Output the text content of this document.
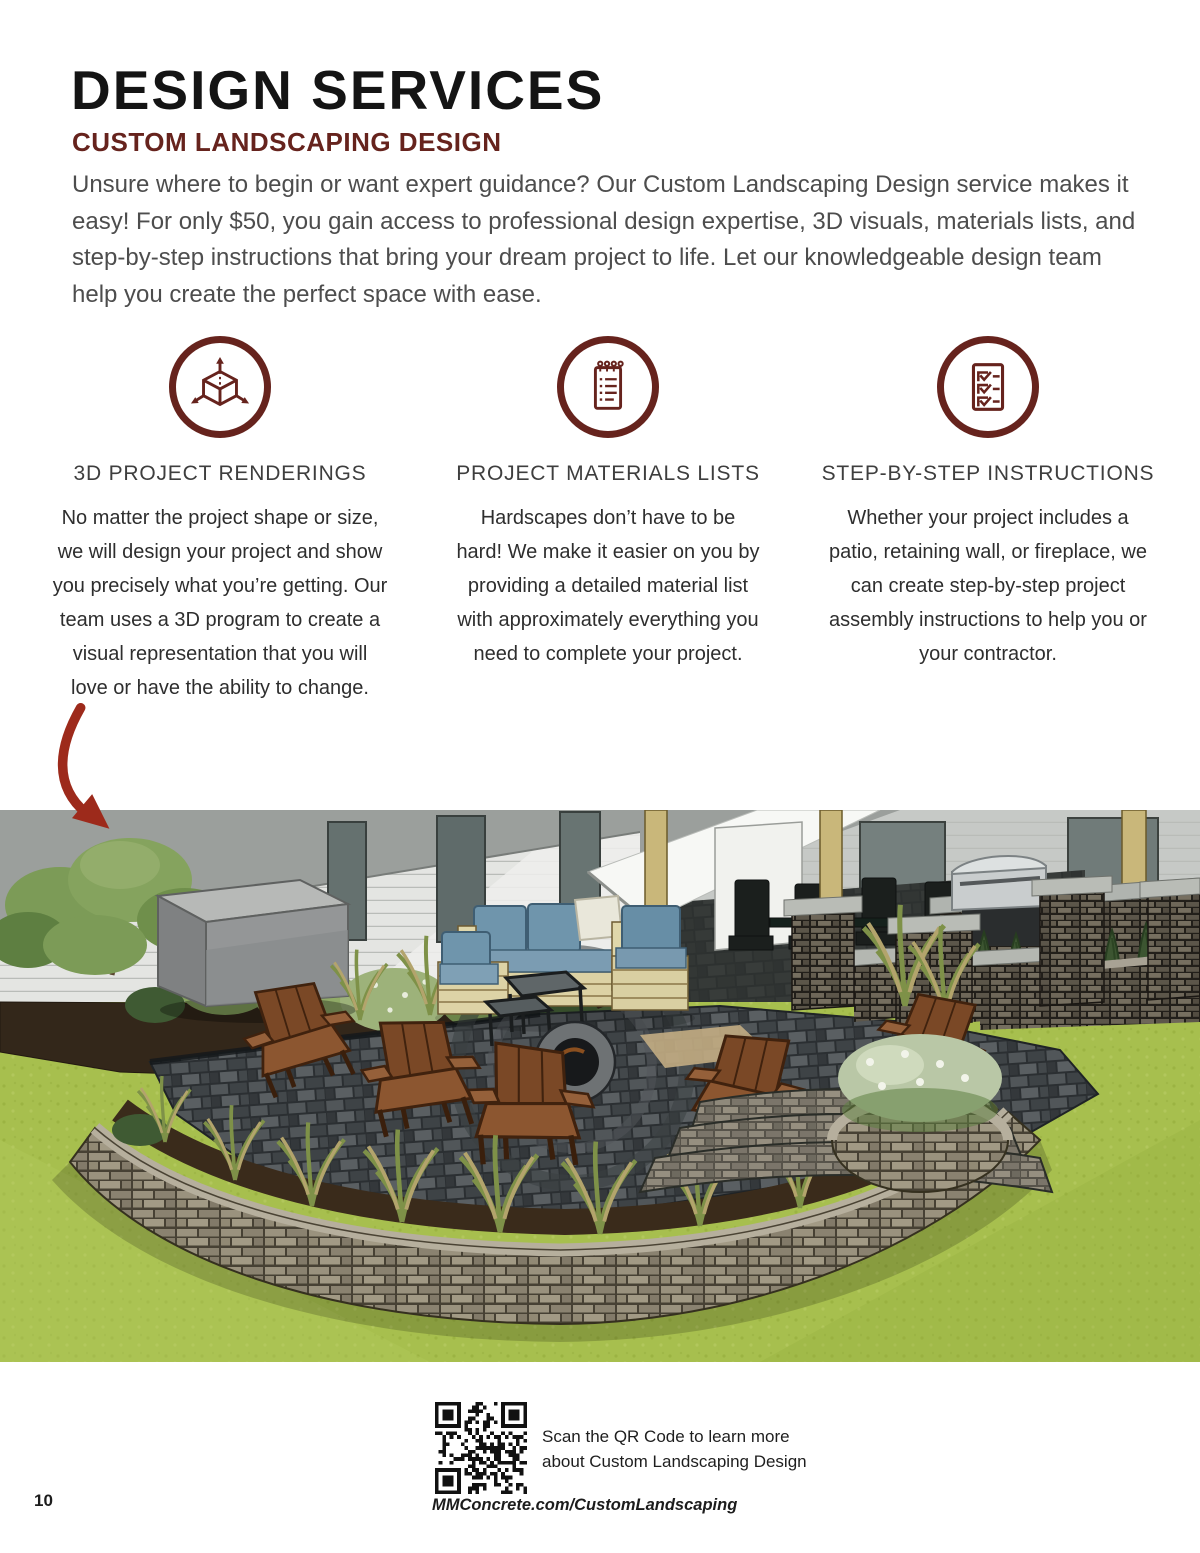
DESIGN SERVICES
CUSTOM LANDSCAPING DESIGN
Unsure where to begin or want expert guidance? Our Custom Landscaping Design service makes it easy! For only $50, you gain access to professional design expertise, 3D visuals, materials lists, and step-by-step instructions that bring your dream project to life. Let our knowledgeable design team help you create the perfect space with ease.
3D PROJECT RENDERINGS
No matter the project shape or size, we will design your project and show you precisely what you’re getting. Our team uses a 3D program to create a visual representation that you will love or have the ability to change.
PROJECT MATERIALS LISTS
Hardscapes don’t have to be hard! We make it easier on you by providing a detailed material list with approximately everything you need to complete your project.
STEP-BY-STEP INSTRUCTIONS
Whether your project includes a patio, retaining wall, or fireplace, we can create step-by-step project assembly instructions to help you or your contractor.
Scan the QR Code to learn more
about Custom Landscaping Design
10	MMConcrete.com/CustomLandscaping
